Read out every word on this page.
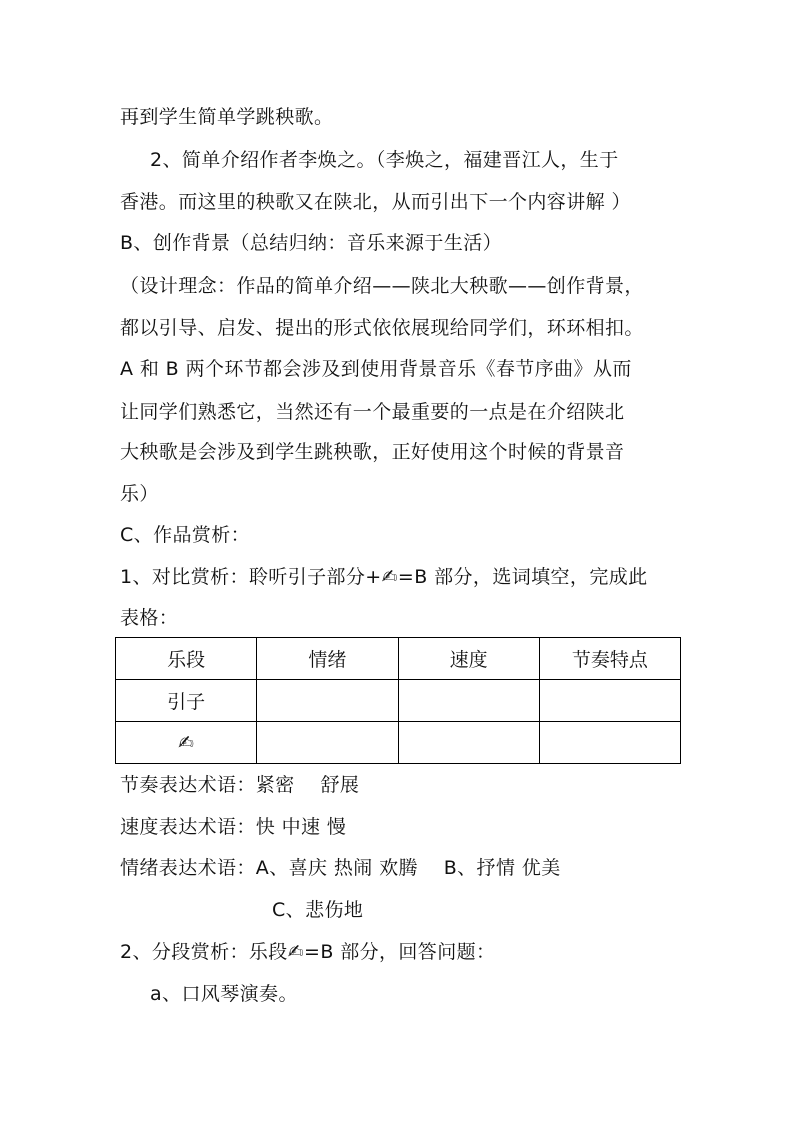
再到学生简单学跳秧歌。
2、简单介绍作者李焕之。（李焕之，福建晋江人，生于
香港。而这里的秧歌又在陕北，从而引出下一个内容讲解 ）
B、创作背景（总结归纳：音乐来源于生活）
（设计理念：作品的简单介绍——陕北大秧歌——创作背景，
都以引导、启发、提出的形式依依展现给同学们，环环相扣。
A 和 B 两个环节都会涉及到使用背景音乐《春节序曲》从而
让同学们熟悉它，当然还有一个最重要的一点是在介绍陕北
大秧歌是会涉及到学生跳秧歌，正好使用这个时候的背景音
乐）
C、作品赏析：
1、对比赏析：聆听引子部分+✍=B 部分，选词填空，完成此
表格：
乐段	情绪	速度	节奏特点
引子			
✍			
节奏表达术语：紧密 　舒展
速度表达术语：快 中速 慢
情绪表达术语：A、喜庆 热闹 欢腾　 B、抒情 优美
C、悲伤地
2、分段赏析：乐段✍=B 部分，回答问题：
a、口风琴演奏。
